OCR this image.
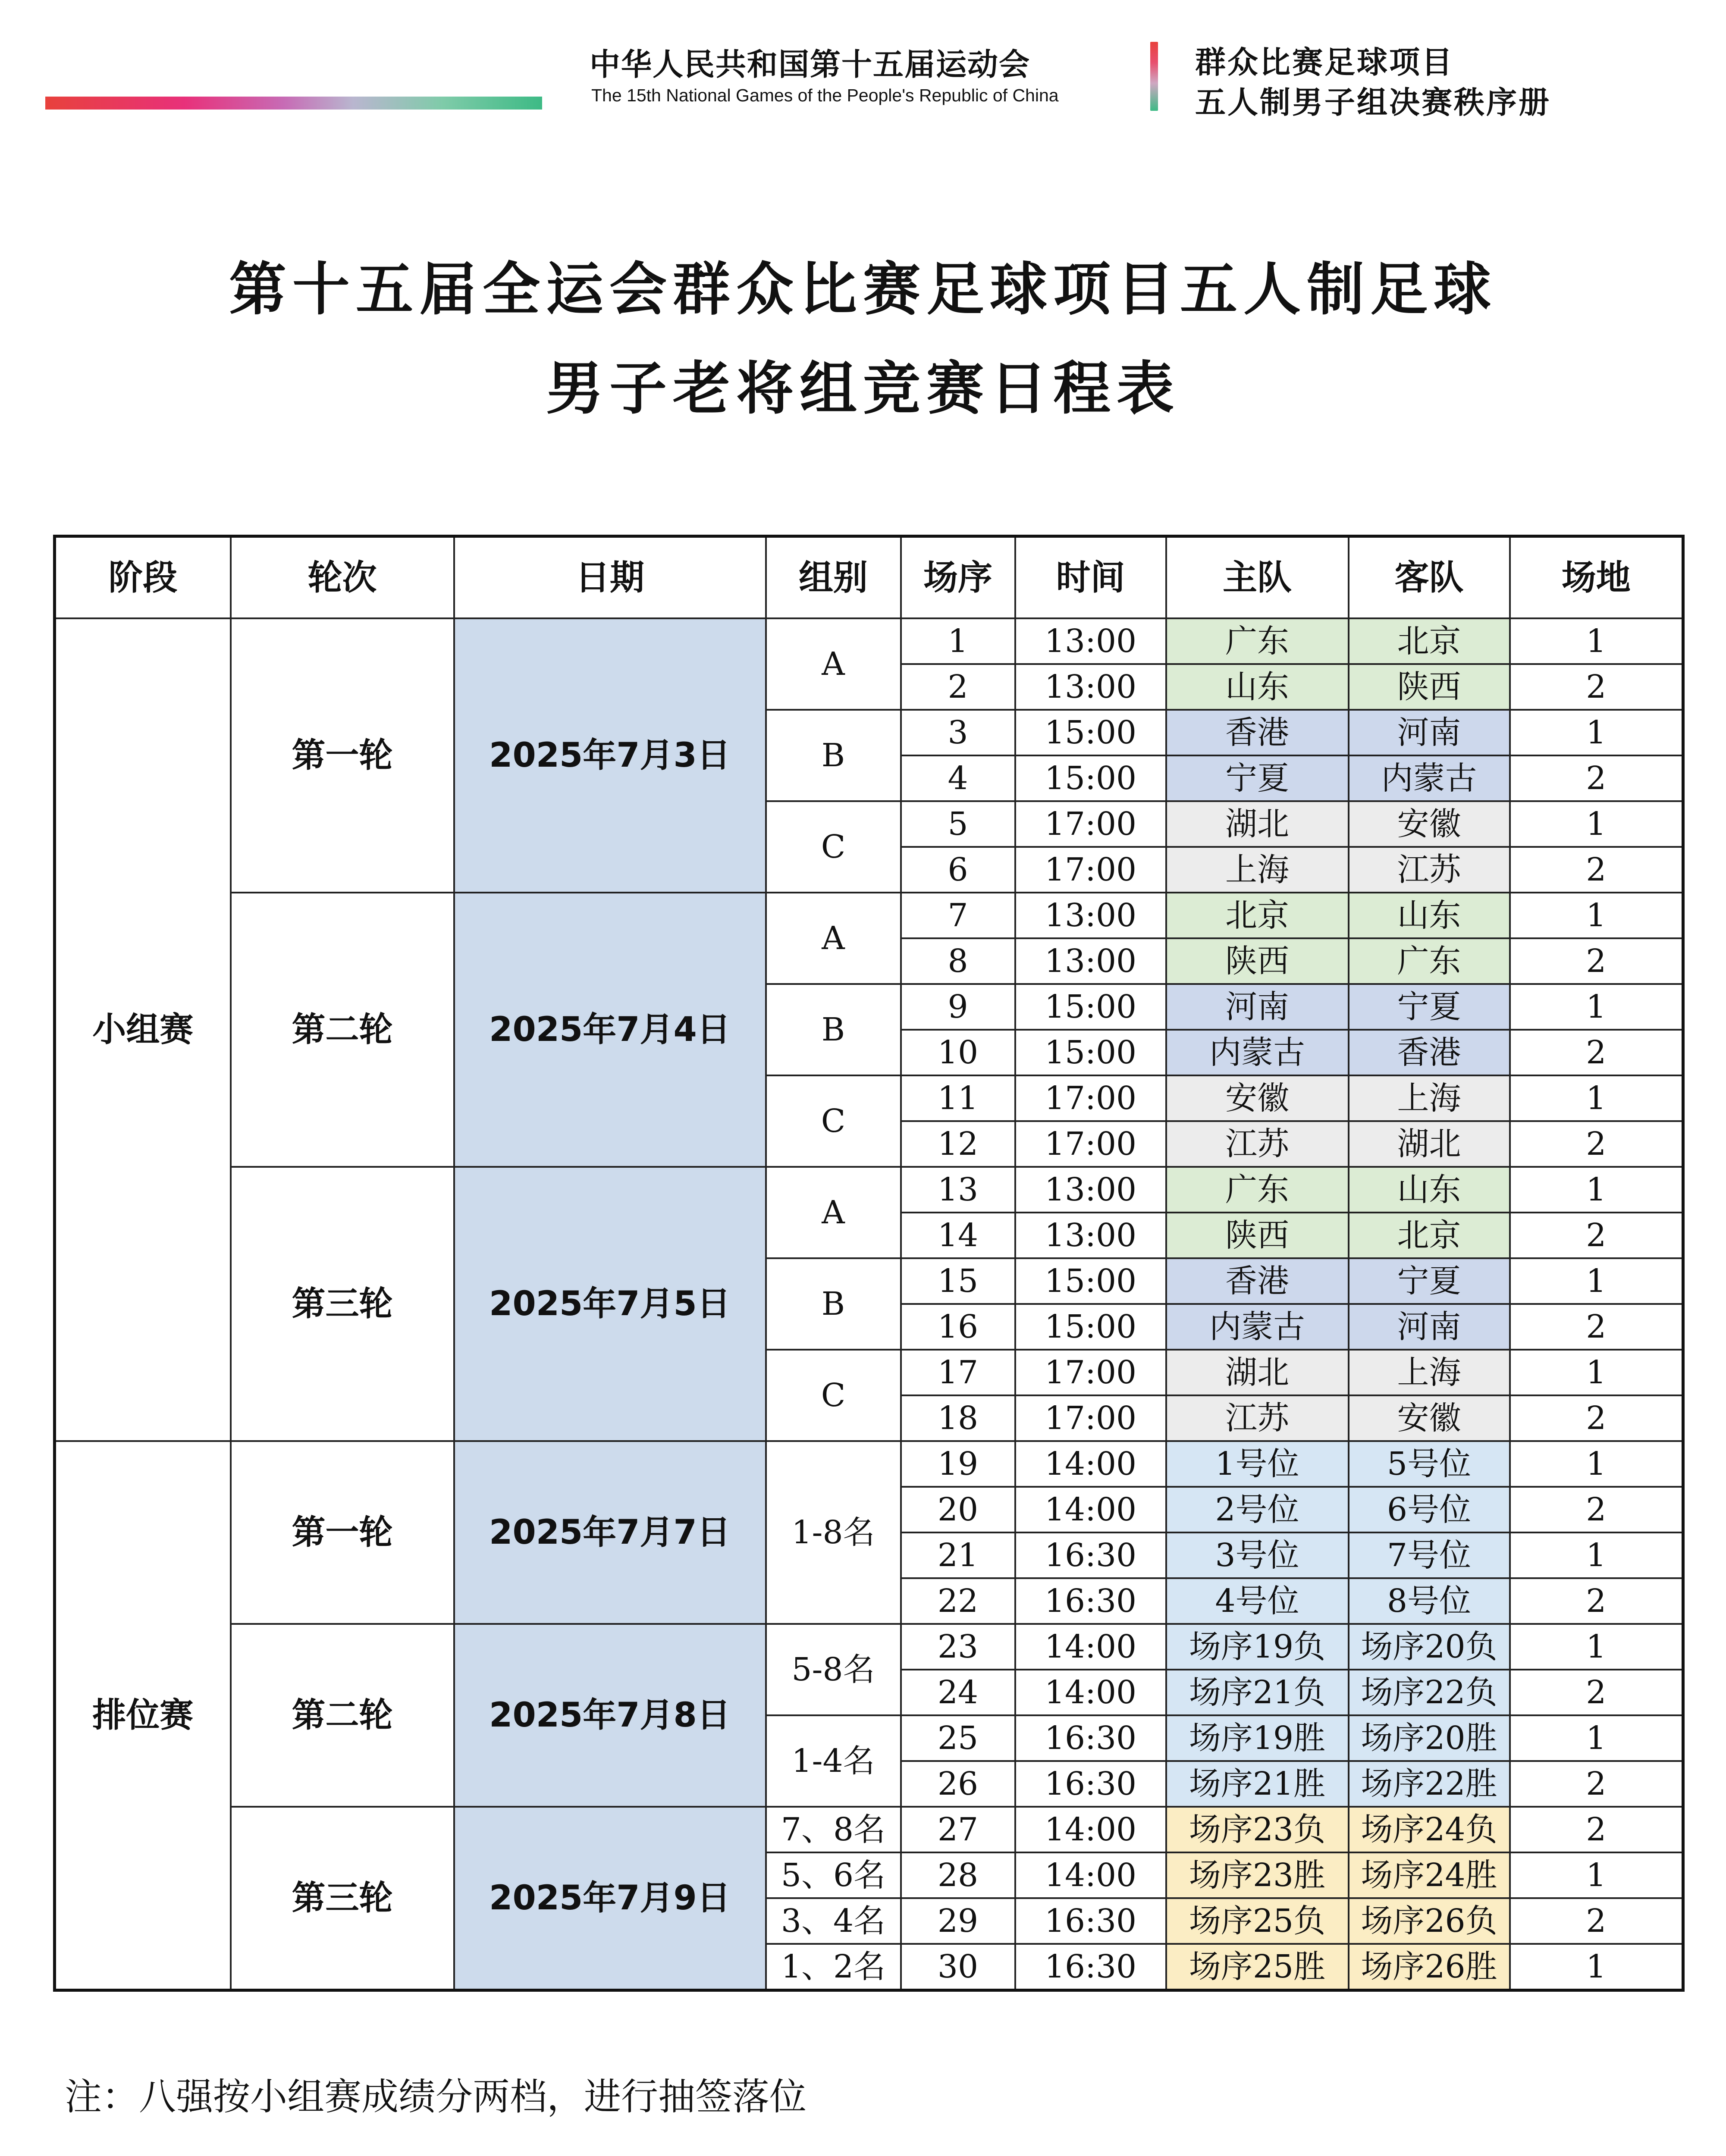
中华人民共和国第十五届运动会
The 15th National Games of the People's Republic of China
群众比赛足球项目
五人制男子组决赛秩序册
第十五届全运会群众比赛足球项目五人制足球
男子老将组竞赛日程表
阶段	轮次	日期	组别	场序	时间	主队	客队	场地
小组赛	第一轮	2025年7月3日	A	1	13:00	广东	北京	1
				2	13:00	山东	陕西	2
			B	3	15:00	香港	河南	1
				4	15:00	宁夏	内蒙古	2
			C	5	17:00	湖北	安徽	1
				6	17:00	上海	江苏	2
	第二轮	2025年7月4日	A	7	13:00	北京	山东	1
				8	13:00	陕西	广东	2
			B	9	15:00	河南	宁夏	1
				10	15:00	内蒙古	香港	2
			C	11	17:00	安徽	上海	1
				12	17:00	江苏	湖北	2
	第三轮	2025年7月5日	A	13	13:00	广东	山东	1
				14	13:00	陕西	北京	2
			B	15	15:00	香港	宁夏	1
				16	15:00	内蒙古	河南	2
			C	17	17:00	湖北	上海	1
				18	17:00	江苏	安徽	2
排位赛	第一轮	2025年7月7日	1-8名	19	14:00	1号位	5号位	1
				20	14:00	2号位	6号位	2
				21	16:30	3号位	7号位	1
				22	16:30	4号位	8号位	2
	第二轮	2025年7月8日	5-8名	23	14:00	场序19负	场序20负	1
				24	14:00	场序21负	场序22负	2
			1-4名	25	16:30	场序19胜	场序20胜	1
				26	16:30	场序21胜	场序22胜	2
	第三轮	2025年7月9日	7、8名	27	14:00	场序23负	场序24负	2
			5、6名	28	14:00	场序23胜	场序24胜	1
			3、4名	29	16:30	场序25负	场序26负	2
			1、2名	30	16:30	场序25胜	场序26胜	1
注：八强按小组赛成绩分两档，进行抽签落位
